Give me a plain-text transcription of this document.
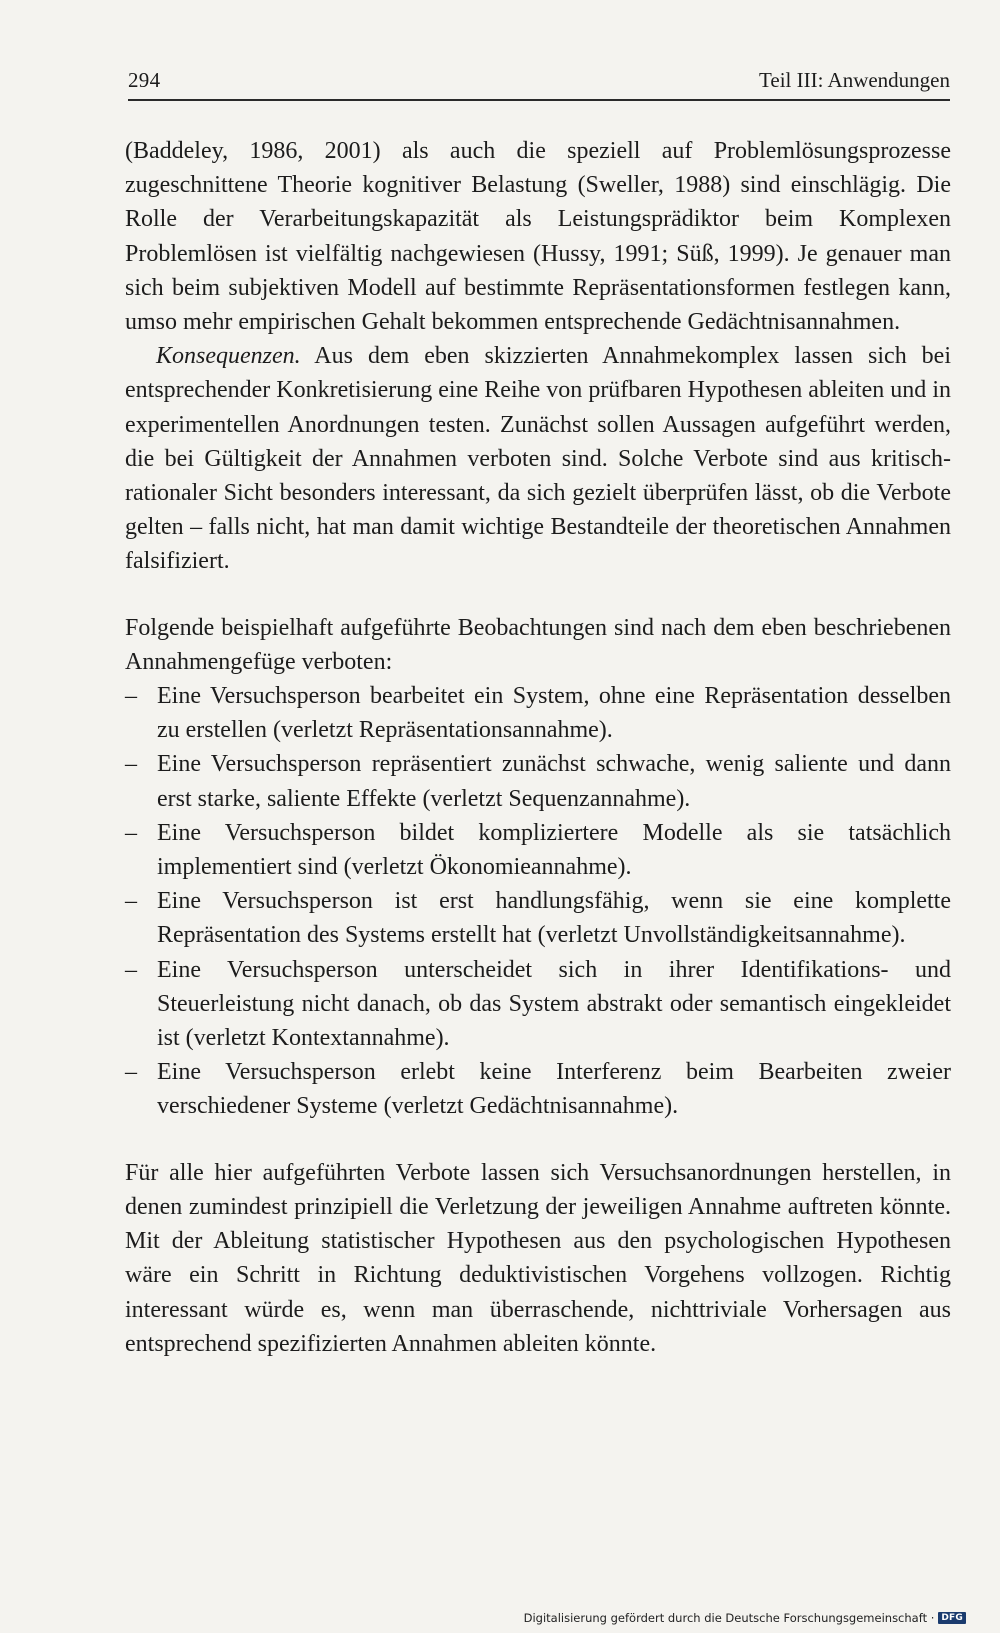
294	Teil III: Anwendungen

(Baddeley, 1986, 2001) als auch die speziell auf Problemlösungsprozesse zugeschnittene Theorie kognitiver Belastung (Sweller, 1988) sind einschlägig. Die Rolle der Verarbeitungskapazität als Leistungsprädiktor beim Komplexen Problemlösen ist vielfältig nachgewiesen (Hussy, 1991; Süß, 1999). Je genauer man sich beim subjektiven Modell auf bestimmte Repräsentationsformen festlegen kann, umso mehr empirischen Gehalt bekommen entsprechende Gedächtnisannahmen.

Konsequenzen. Aus dem eben skizzierten Annahmekomplex lassen sich bei entsprechender Konkretisierung eine Reihe von prüfbaren Hypothesen ableiten und in experimentellen Anordnungen testen. Zunächst sollen Aussagen aufgeführt werden, die bei Gültigkeit der Annahmen verboten sind. Solche Verbote sind aus kritisch-rationaler Sicht besonders interessant, da sich gezielt überprüfen lässt, ob die Verbote gelten – falls nicht, hat man damit wichtige Bestandteile der theoretischen Annahmen falsifiziert.

Folgende beispielhaft aufgeführte Beobachtungen sind nach dem eben beschriebenen Annahmengefüge verboten:

– Eine Versuchsperson bearbeitet ein System, ohne eine Repräsentation desselben zu erstellen (verletzt Repräsentationsannahme).
– Eine Versuchsperson repräsentiert zunächst schwache, wenig saliente und dann erst starke, saliente Effekte (verletzt Sequenzannahme).
– Eine Versuchsperson bildet kompliziertere Modelle als sie tatsächlich implementiert sind (verletzt Ökonomieannahme).
– Eine Versuchsperson ist erst handlungsfähig, wenn sie eine komplette Repräsentation des Systems erstellt hat (verletzt Unvollständigkeitsannahme).
– Eine Versuchsperson unterscheidet sich in ihrer Identifikations- und Steuerleistung nicht danach, ob das System abstrakt oder semantisch eingekleidet ist (verletzt Kontextannahme).
– Eine Versuchsperson erlebt keine Interferenz beim Bearbeiten zweier verschiedener Systeme (verletzt Gedächtnisannahme).

Für alle hier aufgeführten Verbote lassen sich Versuchsanordnungen herstellen, in denen zumindest prinzipiell die Verletzung der jeweiligen Annahme auftreten könnte. Mit der Ableitung statistischer Hypothesen aus den psychologischen Hypothesen wäre ein Schritt in Richtung deduktivistischen Vorgehens vollzogen. Richtig interessant würde es, wenn man überraschende, nichttriviale Vorhersagen aus entsprechend spezifizierten Annahmen ableiten könnte.

Digitalisierung gefördert durch die Deutsche Forschungsgemeinschaft · DFG
